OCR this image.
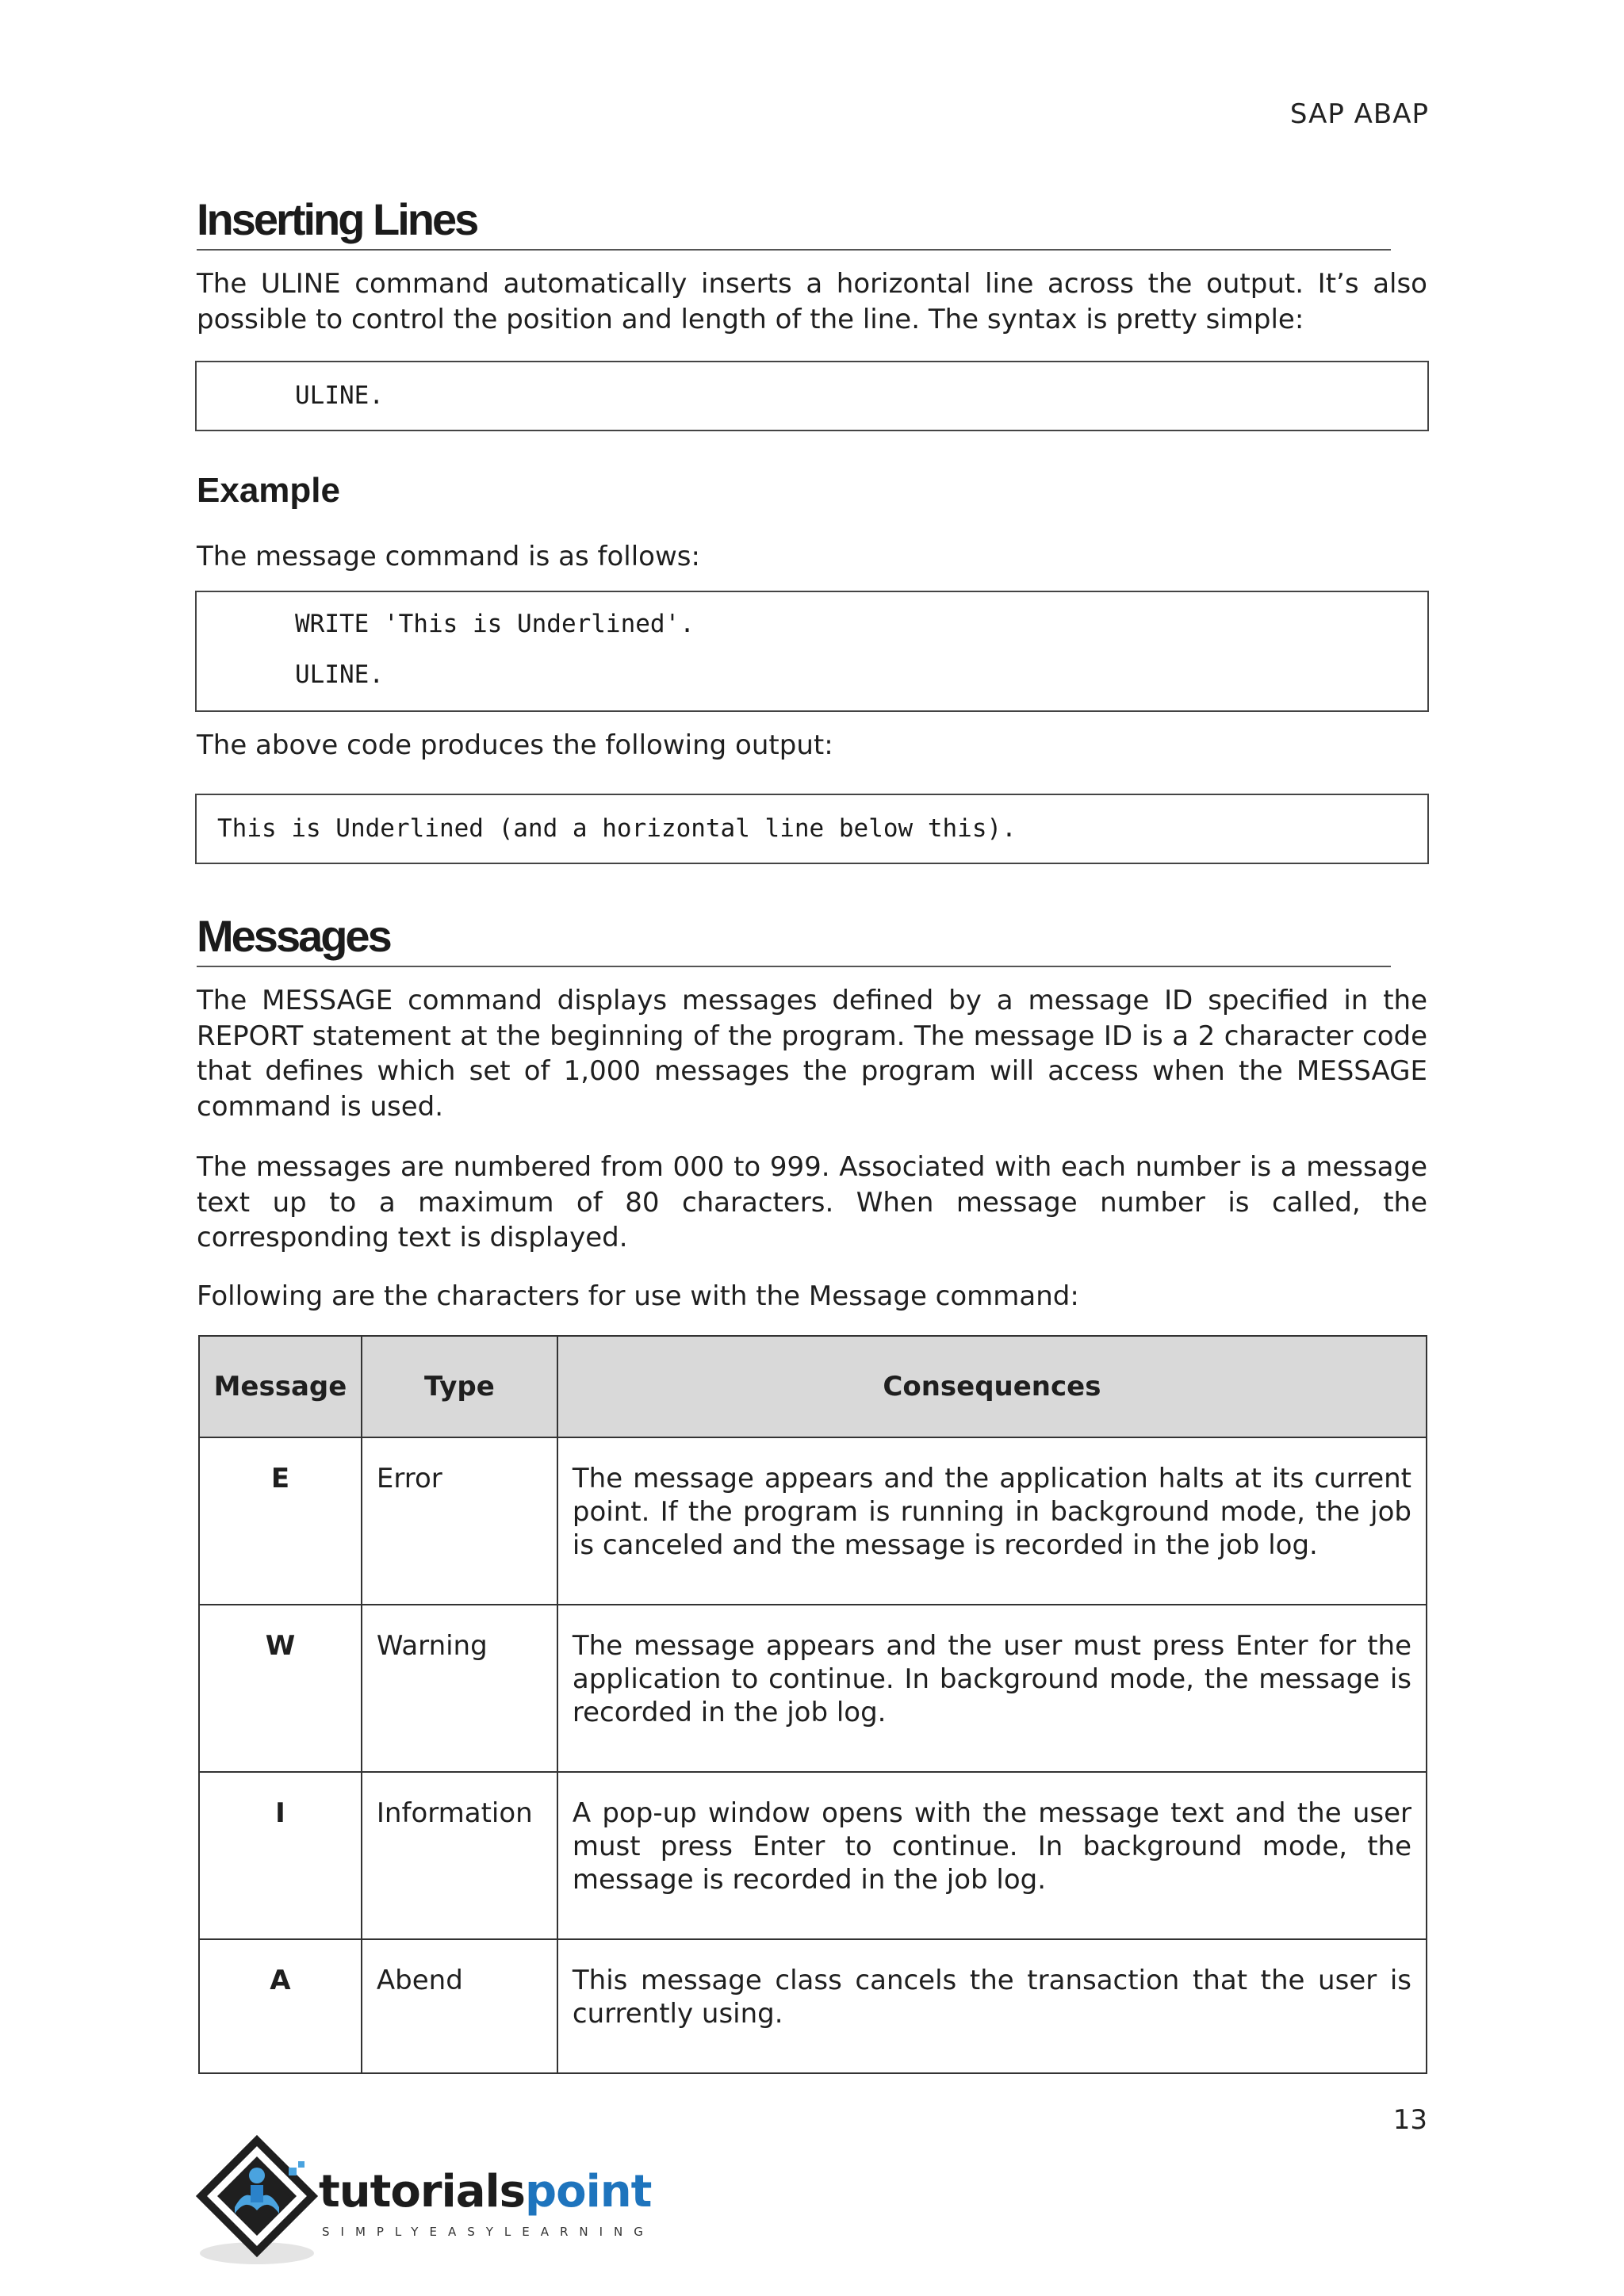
SAP ABAP
Inserting Lines
The ULINE command automatically inserts a horizontal line across the output. It’s also possible to control the position and length of the line. The syntax is pretty simple:
ULINE.
Example
The message command is as follows:
WRITE 'This is Underlined'.
ULINE.
The above code produces the following output:
This is Underlined (and a horizontal line below this).
Messages
The MESSAGE command displays messages defined by a message ID specified in the REPORT statement at the beginning of the program. The message ID is a 2 character code that defines which set of 1,000 messages the program will access when the MESSAGE command is used.
The messages are numbered from 000 to 999. Associated with each number is a message text up to a maximum of 80 characters. When message number is called, the corresponding text is displayed.
Following are the characters for use with the Message command:
Message	Type	Consequences
E	Error	The message appears and the application halts at its current point. If the program is running in background mode, the job is canceled and the message is recorded in the job log.
W	Warning	The message appears and the user must press Enter for the application to continue. In background mode, the message is recorded in the job log.
I	Information	A pop-up window opens with the message text and the user must press Enter to continue. In background mode, the message is recorded in the job log.
A	Abend	This message class cancels the transaction that the user is currently using.
13
tutorialspoint
SIMPLYEASYLEARNING
